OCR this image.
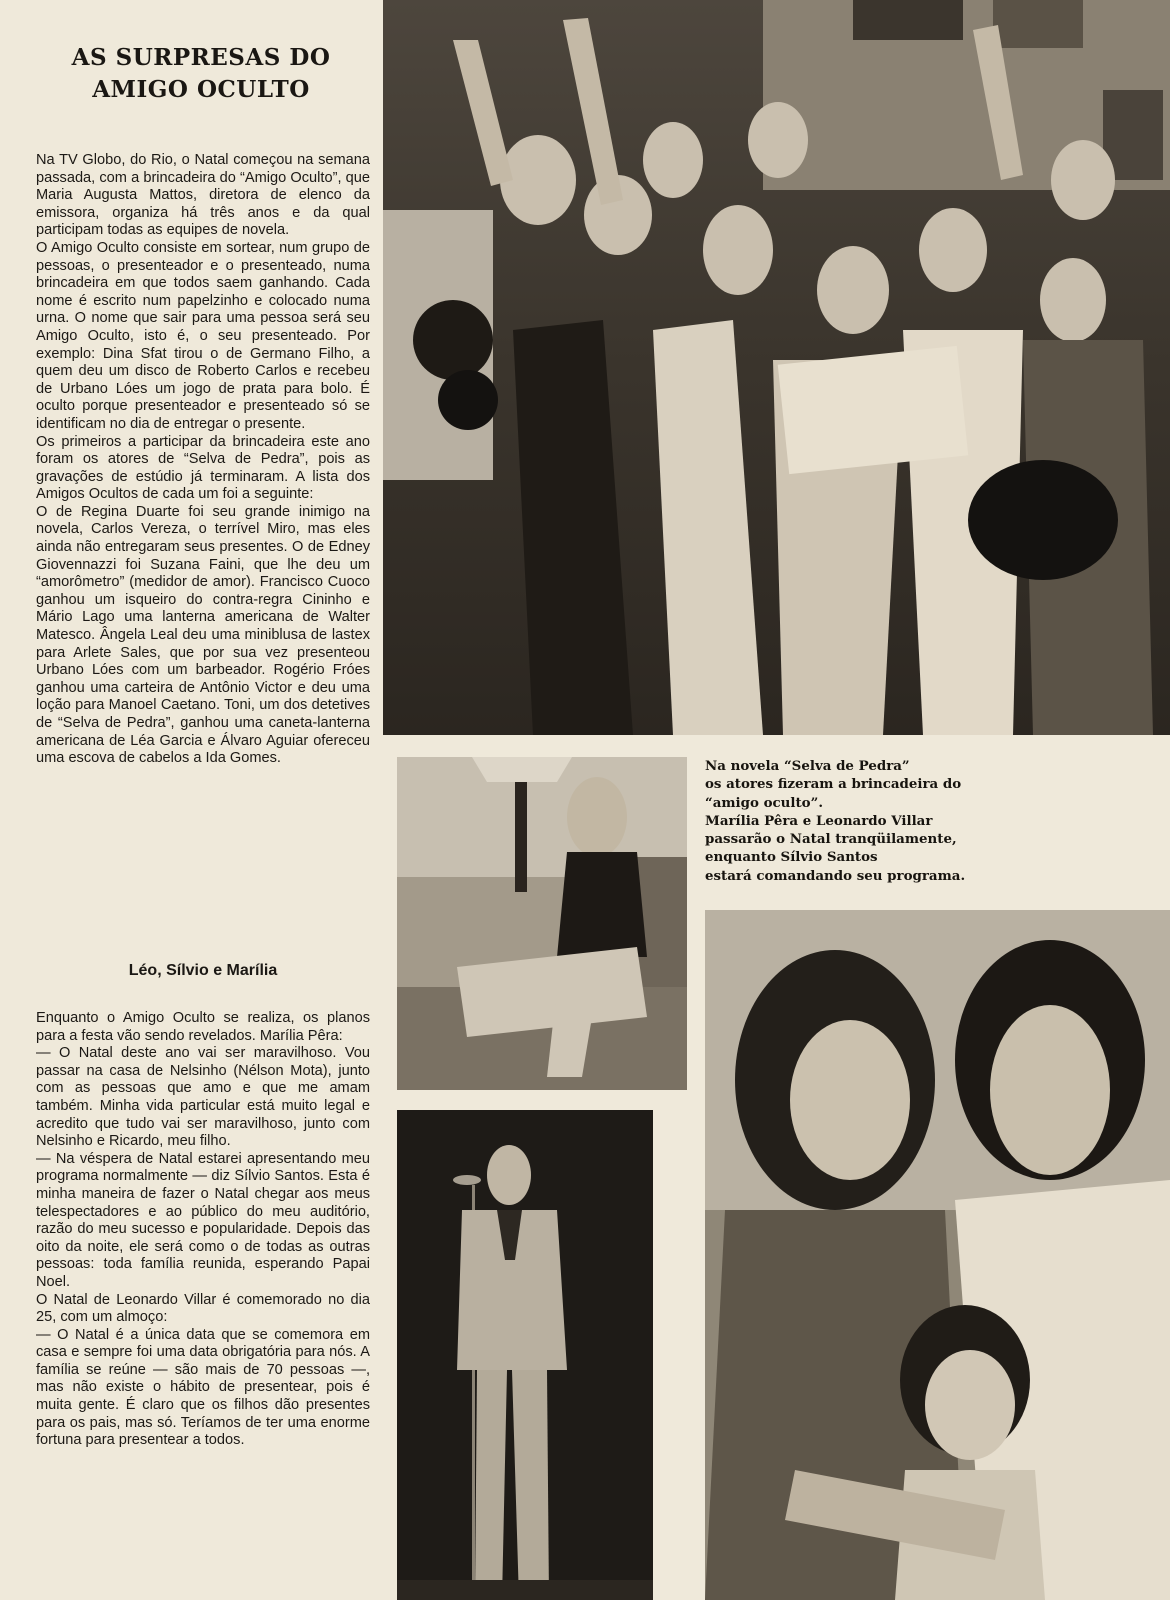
AS SURPRESAS DO
AMIGO OCULTO

Na TV Globo, do Rio, o Natal começou na semana passada, com a brincadeira do “Amigo Oculto”, que Maria Augusta Mattos, diretora de elenco da emissora, organiza há três anos e da qual participam todas as equipes de novela.

O Amigo Oculto consiste em sortear, num grupo de pessoas, o presenteador e o presenteado, numa brincadeira em que todos saem ganhando. Cada nome é escrito num papelzinho e colocado numa urna. O nome que sair para uma pessoa será seu Amigo Oculto, isto é, o seu presenteado. Por exemplo: Dina Sfat tirou o de Germano Filho, a quem deu um disco de Roberto Carlos e recebeu de Urbano Lóes um jogo de prata para bolo. É oculto porque presenteador e presenteado só se identificam no dia de entregar o presente.

Os primeiros a participar da brincadeira este ano foram os atores de “Selva de Pedra”, pois as gravações de estúdio já terminaram. A lista dos Amigos Ocultos de cada um foi a seguinte:

O de Regina Duarte foi seu grande inimigo na novela, Carlos Vereza, o terrível Miro, mas eles ainda não entregaram seus presentes. O de Edney Giovennazzi foi Suzana Faini, que lhe deu um “amorômetro” (medidor de amor). Francisco Cuoco ganhou um isqueiro do contra-regra Cininho e Mário Lago uma lanterna americana de Walter Matesco. Ângela Leal deu uma miniblusa de lastex para Arlete Sales, que por sua vez presenteou Urbano Lóes com um barbeador. Rogério Fróes ganhou uma carteira de Antônio Victor e deu uma loção para Manoel Caetano. Toni, um dos detetives de “Selva de Pedra”, ganhou uma caneta-lanterna americana de Léa Garcia e Álvaro Aguiar ofereceu uma escova de cabelos a Ida Gomes.

Léo, Sílvio e Marília

Enquanto o Amigo Oculto se realiza, os planos para a festa vão sendo revelados. Marília Pêra:

— O Natal deste ano vai ser maravilhoso. Vou passar na casa de Nelsinho (Nélson Mota), junto com as pessoas que amo e que me amam também. Minha vida particular está muito legal e acredito que tudo vai ser maravilhoso, junto com Nelsinho e Ricardo, meu filho.

— Na véspera de Natal estarei apresentando meu programa normalmente — diz Sílvio Santos. Esta é minha maneira de fazer o Natal chegar aos meus telespectadores e ao público do meu auditório, razão do meu sucesso e popularidade. Depois das oito da noite, ele será como o de todas as outras pessoas: toda família reunida, esperando Papai Noel.

O Natal de Leonardo Villar é comemorado no dia 25, com um almoço:

— O Natal é a única data que se comemora em casa e sempre foi uma data obrigatória para nós. A família se reúne — são mais de 70 pessoas —, mas não existe o hábito de presentear, pois é muita gente. É claro que os filhos dão presentes para os pais, mas só. Teríamos de ter uma enorme fortuna para presentear a todos.

Na novela “Selva de Pedra”
os atores fizeram a brincadeira do
“amigo oculto”.
Marília Pêra e Leonardo Villar
passarão o Natal tranqüilamente,
enquanto Sílvio Santos
estará comandando seu programa.
